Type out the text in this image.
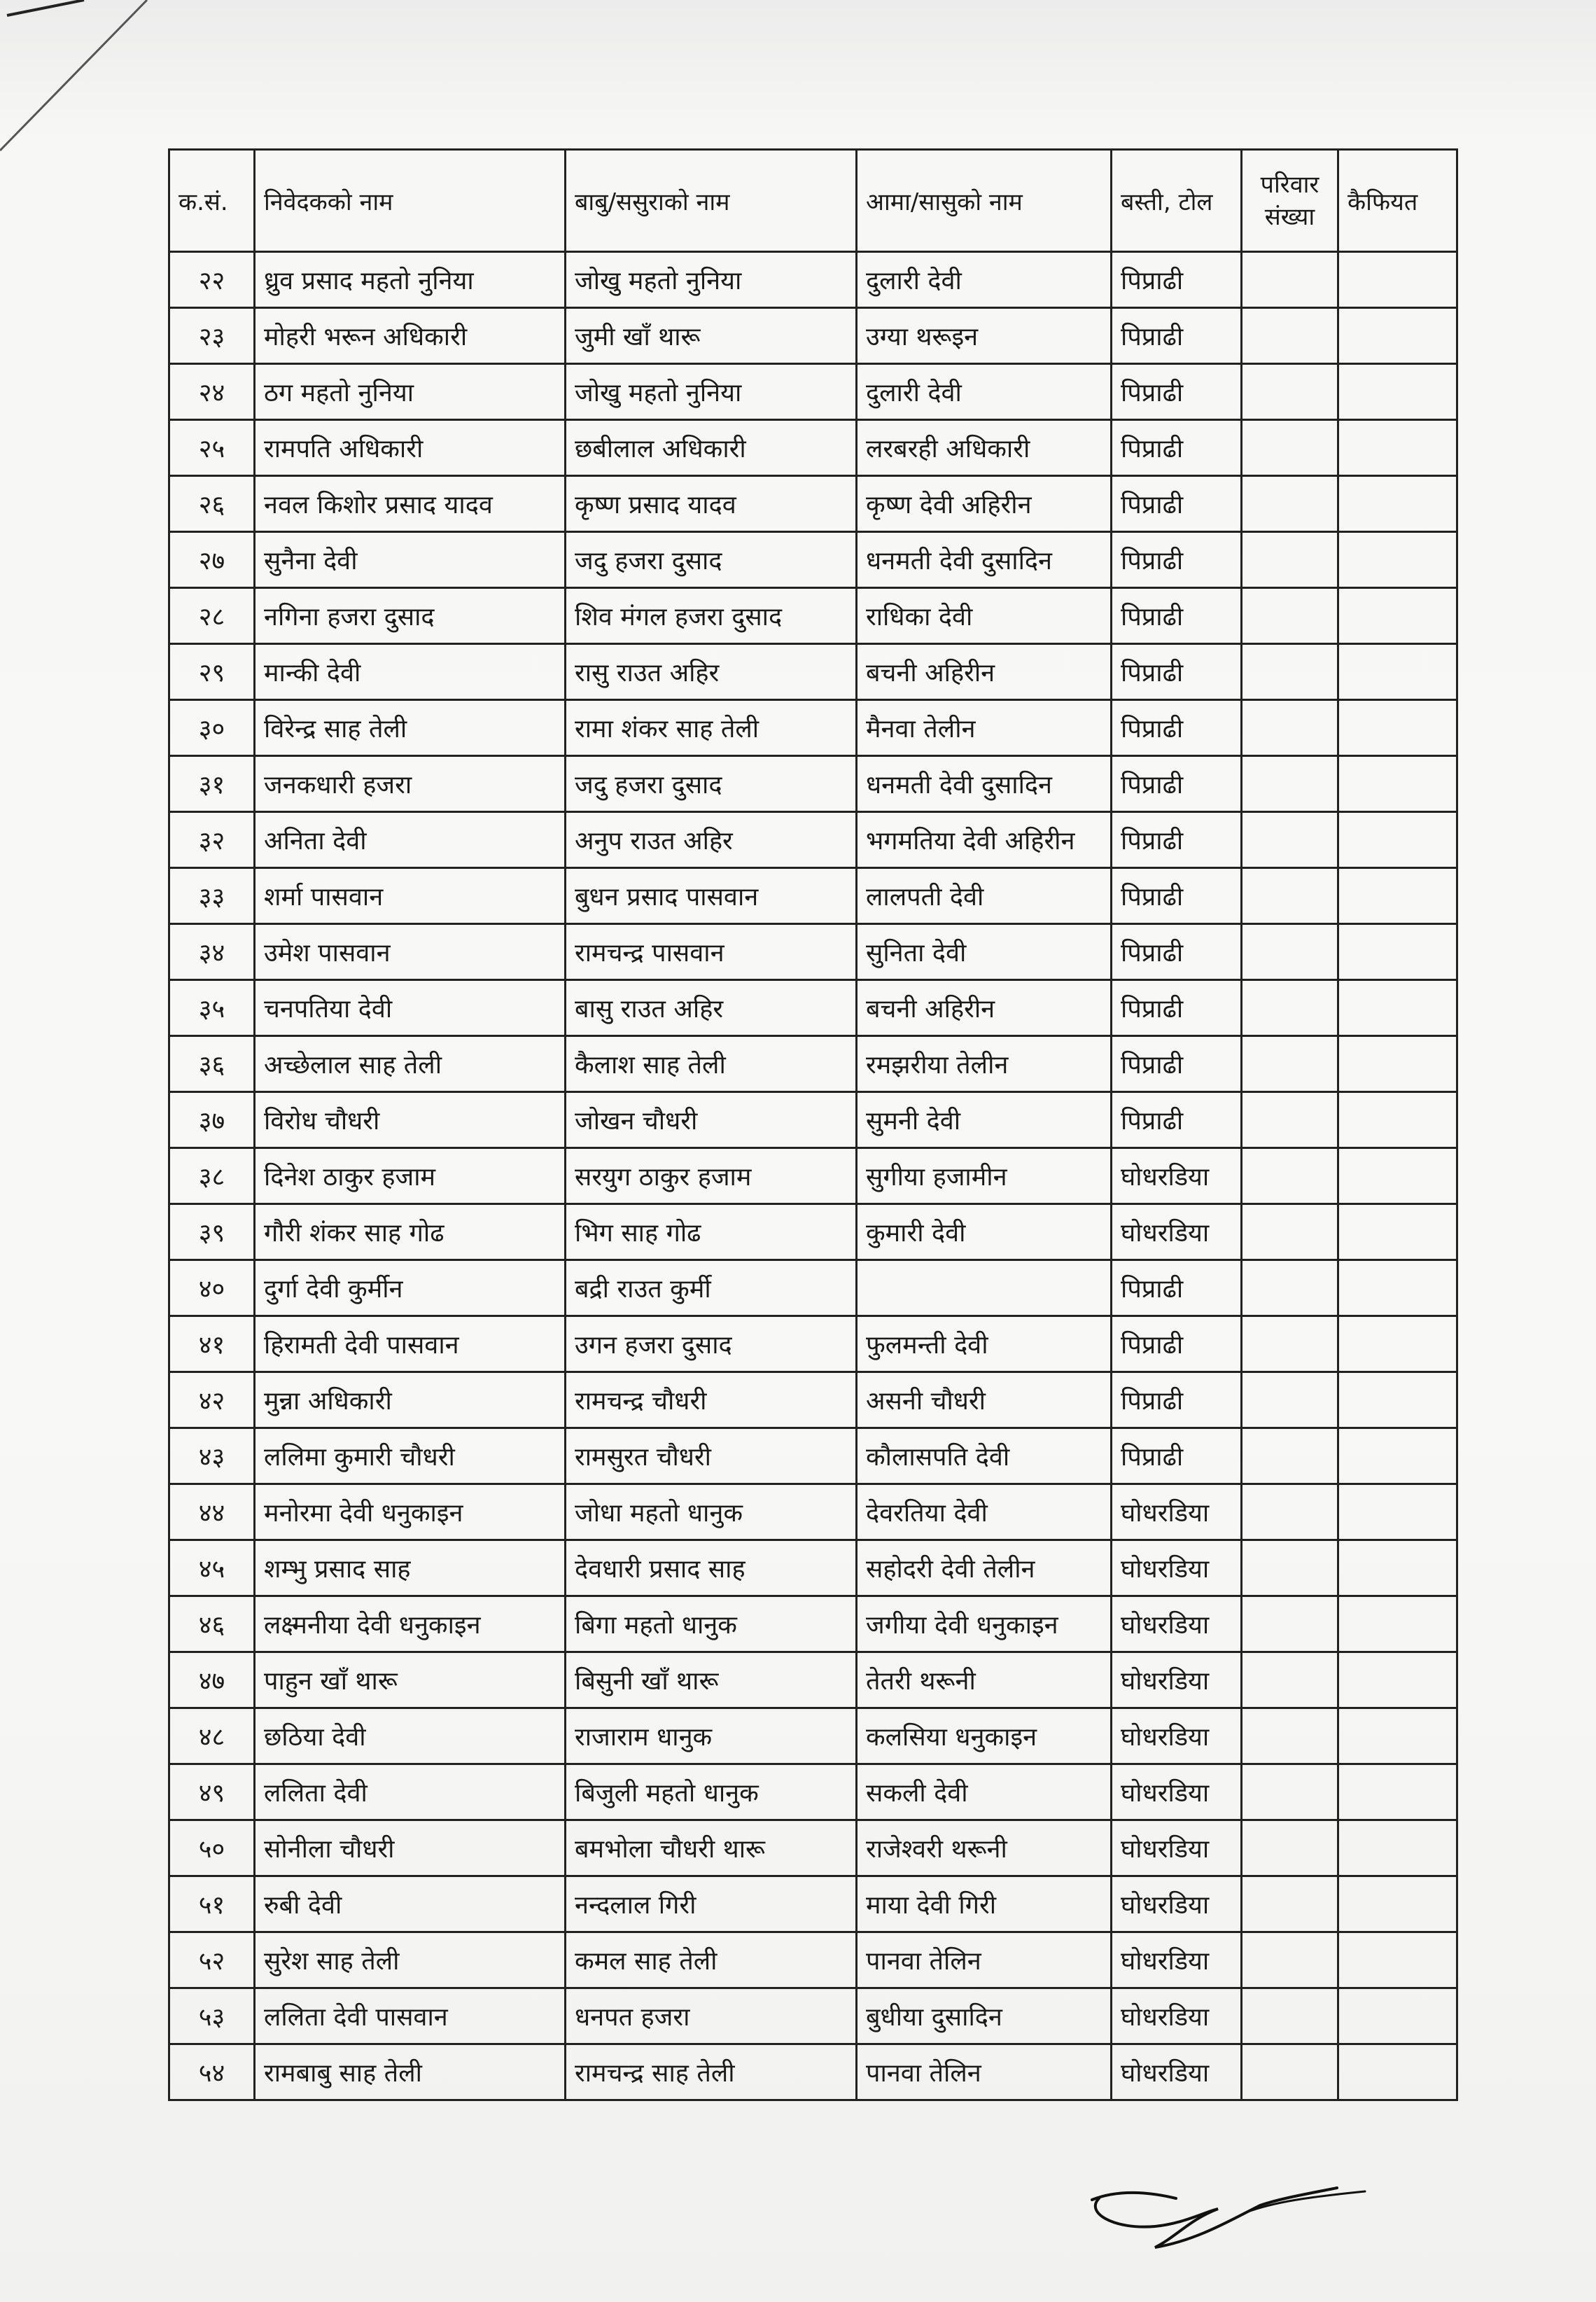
क.सं.	निवेदकको नाम	बाबु/ससुराको नाम	आमा/सासुको नाम	बस्ती, टोल	परिवार संख्या	कैफियत
२२	ध्रुव प्रसाद महतो नुनिया	जोखु महतो नुनिया	दुलारी देवी	पिप्राढी		
२३	मोहरी भरून अधिकारी	जुमी खाँ थारू	उग्या थरूइन	पिप्राढी		
२४	ठग महतो नुनिया	जोखु महतो नुनिया	दुलारी देवी	पिप्राढी		
२५	रामपति अधिकारी	छबीलाल अधिकारी	लरबरही अधिकारी	पिप्राढी		
२६	नवल किशोर प्रसाद यादव	कृष्ण प्रसाद यादव	कृष्ण देवी अहिरीन	पिप्राढी		
२७	सुनैना देवी	जदु हजरा दुसाद	धनमती देवी दुसादिन	पिप्राढी		
२८	नगिना हजरा दुसाद	शिव मंगल हजरा दुसाद	राधिका देवी	पिप्राढी		
२९	मान्की देवी	रासु राउत अहिर	बचनी अहिरीन	पिप्राढी		
३०	विरेन्द्र साह तेली	रामा शंकर साह तेली	मैनवा तेलीन	पिप्राढी		
३१	जनकधारी हजरा	जदु हजरा दुसाद	धनमती देवी दुसादिन	पिप्राढी		
३२	अनिता देवी	अनुप राउत अहिर	भगमतिया देवी अहिरीन	पिप्राढी		
३३	शर्मा पासवान	बुधन प्रसाद पासवान	लालपती देवी	पिप्राढी		
३४	उमेश पासवान	रामचन्द्र पासवान	सुनिता देवी	पिप्राढी		
३५	चनपतिया देवी	बासु राउत अहिर	बचनी अहिरीन	पिप्राढी		
३६	अच्छेलाल साह तेली	कैलाश साह तेली	रमझरीया तेलीन	पिप्राढी		
३७	विरोध चौधरी	जोखन चौधरी	सुमनी देवी	पिप्राढी		
३८	दिनेश ठाकुर हजाम	सरयुग ठाकुर हजाम	सुगीया हजामीन	घोधरडिया		
३९	गौरी शंकर साह गोढ	भिग साह गोढ	कुमारी देवी	घोधरडिया		
४०	दुर्गा देवी कुर्मीन	बद्री राउत कुर्मी		पिप्राढी		
४१	हिरामती देवी पासवान	उगन हजरा दुसाद	फुलमन्ती देवी	पिप्राढी		
४२	मुन्ना अधिकारी	रामचन्द्र चौधरी	असनी चौधरी	पिप्राढी		
४३	ललिमा कुमारी चौधरी	रामसुरत चौधरी	कौलासपति देवी	पिप्राढी		
४४	मनोरमा देवी धनुकाइन	जोधा महतो धानुक	देवरतिया देवी	घोधरडिया		
४५	शम्भु प्रसाद साह	देवधारी प्रसाद साह	सहोदरी देवी तेलीन	घोधरडिया		
४६	लक्ष्मनीया देवी धनुकाइन	बिगा महतो धानुक	जगीया देवी धनुकाइन	घोधरडिया		
४७	पाहुन खाँ थारू	बिसुनी खाँ थारू	तेतरी थरूनी	घोधरडिया		
४८	छठिया देवी	राजाराम धानुक	कलसिया धनुकाइन	घोधरडिया		
४९	ललिता देवी	बिजुली महतो धानुक	सकली देवी	घोधरडिया		
५०	सोनीला चौधरी	बमभोला चौधरी थारू	राजेश्वरी थरूनी	घोधरडिया		
५१	रुबी देवी	नन्दलाल गिरी	माया देवी गिरी	घोधरडिया		
५२	सुरेश साह तेली	कमल साह तेली	पानवा तेलिन	घोधरडिया		
५३	ललिता देवी पासवान	धनपत हजरा	बुधीया दुसादिन	घोधरडिया		
५४	रामबाबु साह तेली	रामचन्द्र साह तेली	पानवा तेलिन	घोधरडिया		
